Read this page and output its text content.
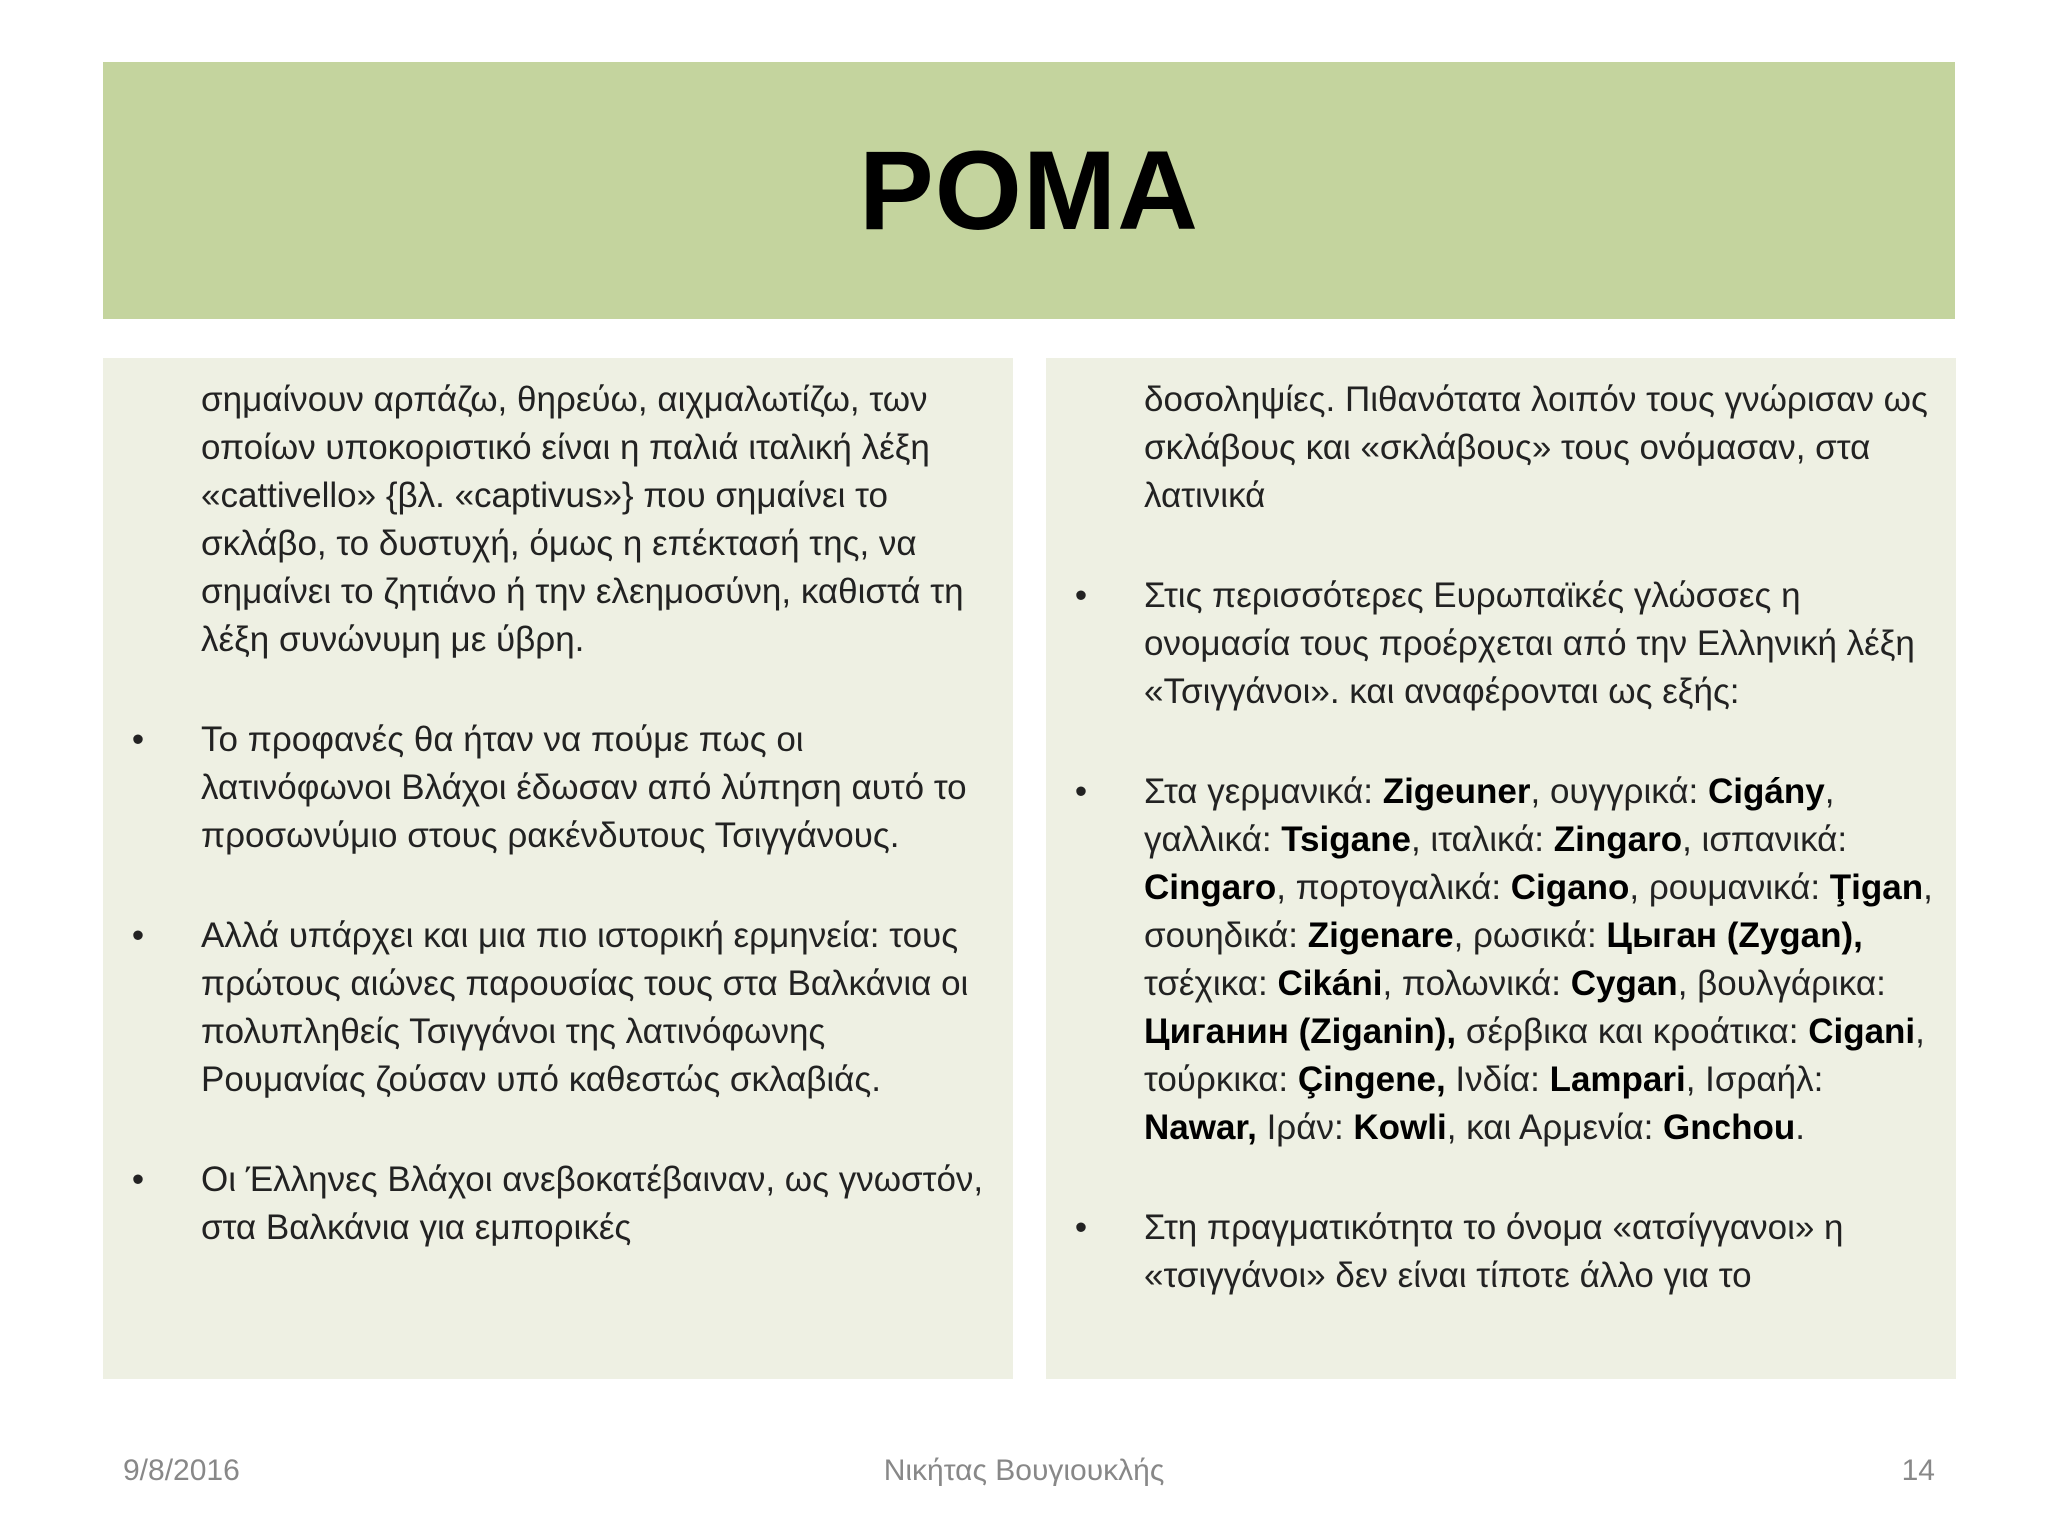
POMA
σημαίνουν αρπάζω, θηρεύω, αιχμαλωτίζω, των οποίων υποκοριστικό είναι η παλιά ιταλική λέξη «cattivello» {βλ. «captivus»} που σημαίνει το σκλάβο, το δυστυχή, όμως η επέκτασή της, να σημαίνει το ζητιάνο ή την ελεημοσύνη, καθιστά τη λέξη συνώνυμη με ύβρη.
•	Το προφανές θα ήταν να πούμε πως οι λατινόφωνοι Βλάχοι έδωσαν από λύπηση αυτό το προσωνύμιο στους ρακένδυτους Τσιγγάνους.
•	Αλλά υπάρχει και μια πιο ιστορική ερμηνεία: τους πρώτους αιώνες παρουσίας τους στα Βαλκάνια οι πολυπληθείς Τσιγγάνοι της λατινόφωνης Ρουμανίας ζούσαν υπό καθεστώς σκλαβιάς.
•	Οι Έλληνες Βλάχοι ανεβοκατέβαιναν, ως γνωστόν, στα Βαλκάνια για εμπορικές
δοσοληψίες. Πιθανότατα λοιπόν τους γνώρισαν ως σκλάβους και «σκλάβους» τους ονόμασαν, στα λατινικά
•	Στις περισσότερες Ευρωπαϊκές γλώσσες η ονομασία τους προέρχεται από την Ελληνική λέξη «Τσιγγάνοι». και αναφέρονται ως εξής:
•	Στα γερμανικά: Zigeuner, ουγγρικά: Cigány, γαλλικά: Tsigane, ιταλικά: Zingaro, ισπανικά: Cingaro, πορτογαλικά: Cigano, ρουμανικά: Ţigan, σουηδικά: Zigenare, ρωσικά: Цыган (Zygan), τσέχικα: Cikáni, πολωνικά: Cygan, βουλγάρικα: Циганин (Ziganin), σέρβικα και κροάτικα: Cigani, τούρκικα: Çingene, Ινδία: Lampari, Ισραήλ: Nawar, Ιράν: Kowli, και Αρμενία: Gnchou.
•	Στη πραγματικότητα το όνομα «ατσίγγανοι» η «τσιγγάνοι» δεν είναι τίποτε άλλο για το
9/8/2016	Νικήτας Βουγιουκλής	14
